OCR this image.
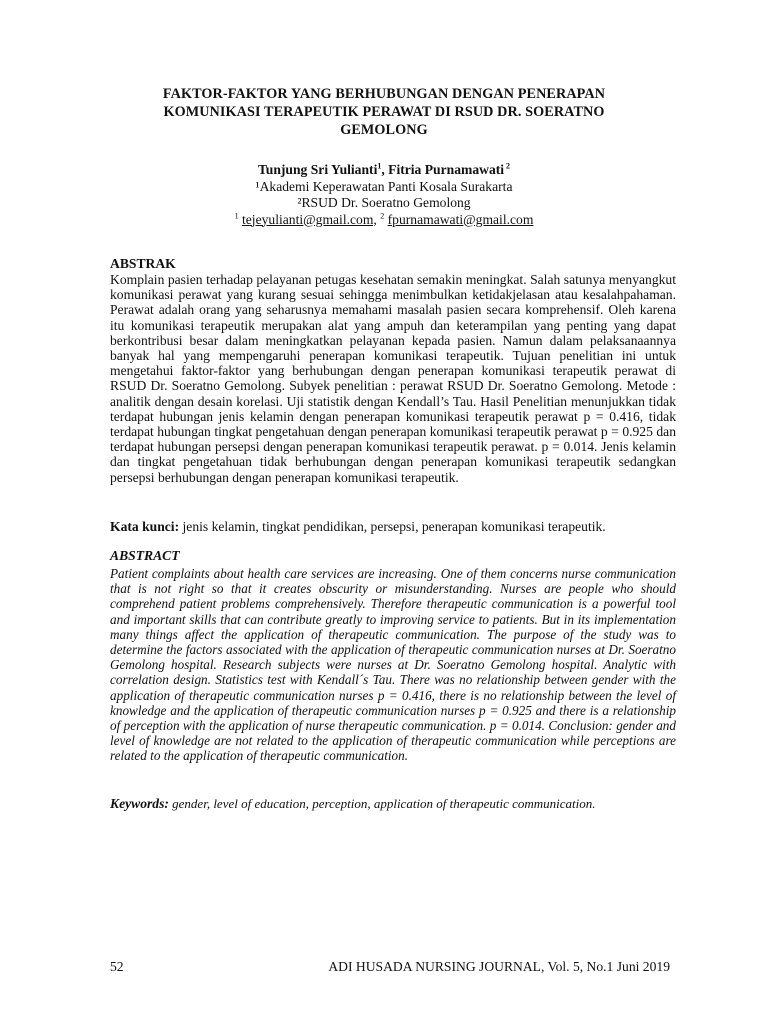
FAKTOR-FAKTOR YANG BERHUBUNGAN DENGAN PENERAPAN
KOMUNIKASI TERAPEUTIK PERAWAT DI RSUD DR. SOERATNO
GEMOLONG
Tunjung Sri Yulianti$^1$, Fitria Purnamawati $^2$
¹Akademi Keperawatan Panti Kosala Surakarta
²RSUD Dr. Soeratno Gemolong
$^1$ tejeyulianti@gmail.com, $^2$ fpurnamawati@gmail.com
ABSTRAK
Komplain pasien terhadap pelayanan petugas kesehatan semakin meningkat. Salah satunya menyangkut komunikasi perawat yang kurang sesuai sehingga menimbulkan ketidakjelasan atau kesalahpahaman. Perawat adalah orang yang seharusnya memahami masalah pasien secara komprehensif. Oleh karena itu komunikasi terapeutik merupakan alat yang ampuh dan keterampilan yang penting yang dapat berkontribusi besar dalam meningkatkan pelayanan kepada pasien. Namun dalam pelaksanaannya banyak hal yang mempengaruhi penerapan komunikasi terapeutik. Tujuan penelitian ini untuk mengetahui faktor-faktor yang berhubungan dengan penerapan komunikasi terapeutik perawat di RSUD Dr. Soeratno Gemolong. Subyek penelitian : perawat RSUD Dr. Soeratno Gemolong. Metode : analitik dengan desain korelasi. Uji statistik dengan Kendall’s Tau. Hasil Penelitian menunjukkan tidak terdapat hubungan jenis kelamin dengan penerapan komunikasi terapeutik perawat p = 0.416, tidak terdapat hubungan tingkat pengetahuan dengan penerapan komunikasi terapeutik perawat p = 0.925 dan terdapat hubungan persepsi dengan penerapan komunikasi terapeutik perawat. p = 0.014. Jenis kelamin dan tingkat pengetahuan tidak berhubungan dengan penerapan komunikasi terapeutik sedangkan persepsi berhubungan dengan penerapan komunikasi terapeutik.
Kata kunci: jenis kelamin, tingkat pendidikan, persepsi, penerapan komunikasi terapeutik.
ABSTRACT
Patient complaints about health care services are increasing. One of them concerns nurse communication that is not right so that it creates obscurity or misunderstanding. Nurses are people who should comprehend patient problems comprehensively. Therefore therapeutic communication is a powerful tool and important skills that can contribute greatly to improving service to patients. But in its implementation many things affect the application of therapeutic communication. The purpose of the study was to determine the factors associated with the application of therapeutic communication nurses at Dr. Soeratno Gemolong hospital. Research subjects were nurses at Dr. Soeratno Gemolong hospital. Analytic with correlation design. Statistics test with Kendall´s Tau. There was no relationship between gender with the application of therapeutic communication nurses p = 0.416, there is no relationship between the level of knowledge and the application of therapeutic communication nurses p = 0.925 and there is a relationship of perception with the application of nurse therapeutic communication. p = 0.014. Conclusion: gender and level of knowledge are not related to the application of therapeutic communication while perceptions are related to the application of therapeutic communication.
Keywords: gender, level of education, perception, application of therapeutic communication.
52	ADI HUSADA NURSING JOURNAL, Vol. 5, No.1 Juni 2019
